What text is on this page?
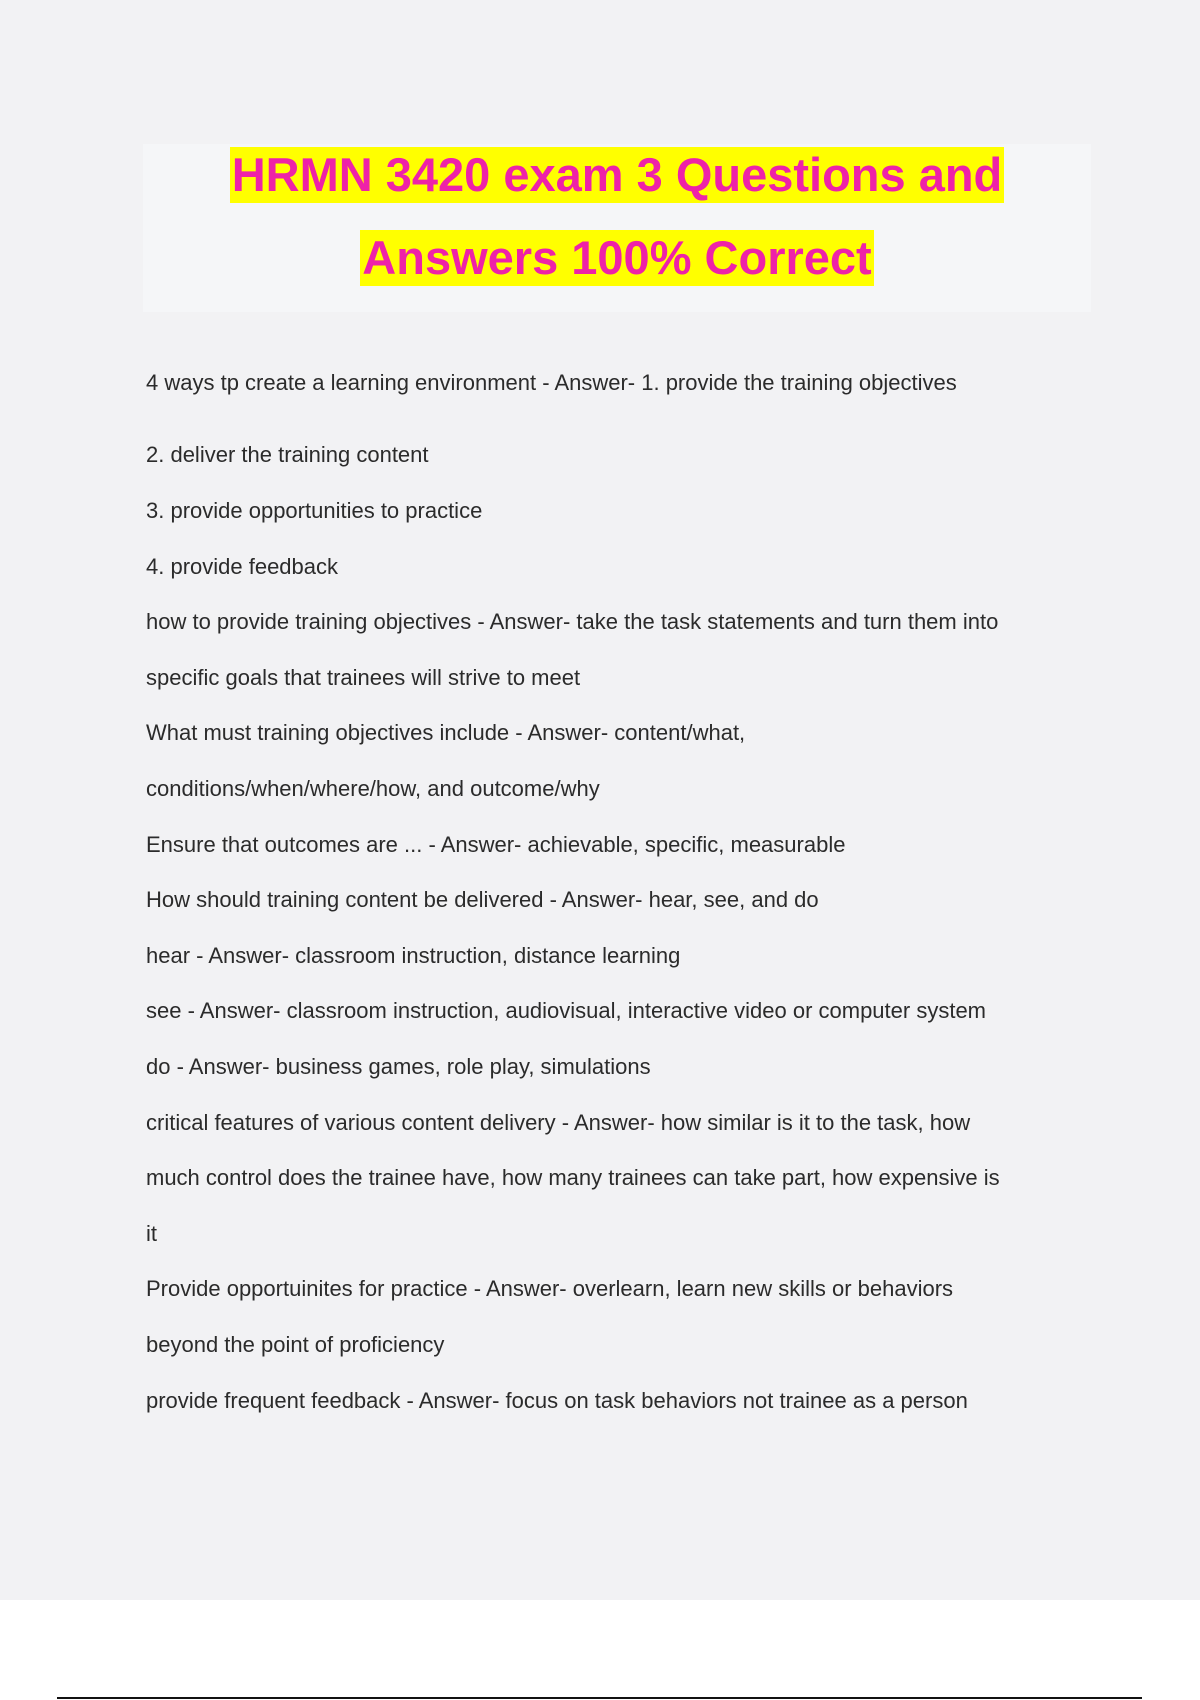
HRMN 3420 exam 3 Questions and
Answers 100% Correct
4 ways tp create a learning environment - Answer- 1. provide the training objectives
2. deliver the training content
3. provide opportunities to practice
4. provide feedback
how to provide training objectives - Answer- take the task statements and turn them into
specific goals that trainees will strive to meet
What must training objectives include - Answer- content/what,
conditions/when/where/how, and outcome/why
Ensure that outcomes are ... - Answer- achievable, specific, measurable
How should training content be delivered - Answer- hear, see, and do
hear - Answer- classroom instruction, distance learning
see - Answer- classroom instruction, audiovisual, interactive video or computer system
do - Answer- business games, role play, simulations
critical features of various content delivery - Answer- how similar is it to the task, how
much control does the trainee have, how many trainees can take part, how expensive is
it
Provide opportuinites for practice - Answer- overlearn, learn new skills or behaviors
beyond the point of proficiency
provide frequent feedback - Answer- focus on task behaviors not trainee as a person
